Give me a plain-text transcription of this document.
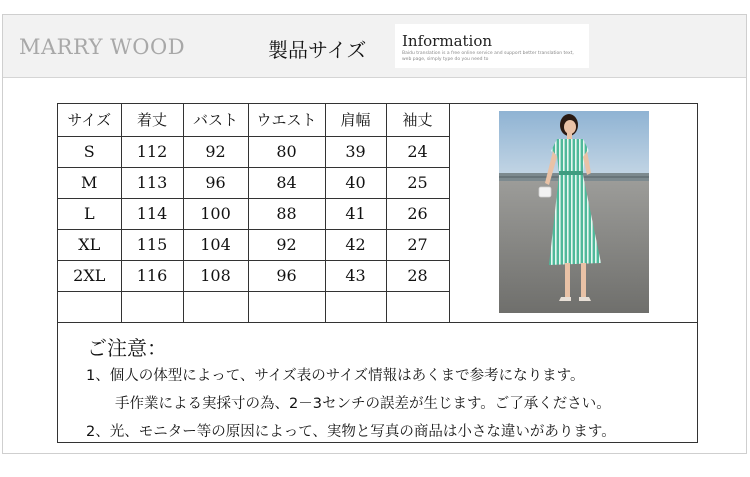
MARRY WOOD	製品サイズ Information
Baidu translation is a free online service and support better translation text, web page, simply type do you need to
サイズ	着丈	バスト	ウエスト	肩幅	袖丈
S	112	92	80	39	24
M	113	96	84	40	25
L	114	100	88	41	26
XL	115	104	92	42	27
2XL	116	108	96	43	28

ご注意：
1、個人の体型によって、サイズ表のサイズ情報はあくまで参考になります。
手作業による実採寸の為、2－3センチの誤差が生じます。ご了承ください。
2、光、モニター等の原因によって、実物と写真の商品は小さな違いがあります。
